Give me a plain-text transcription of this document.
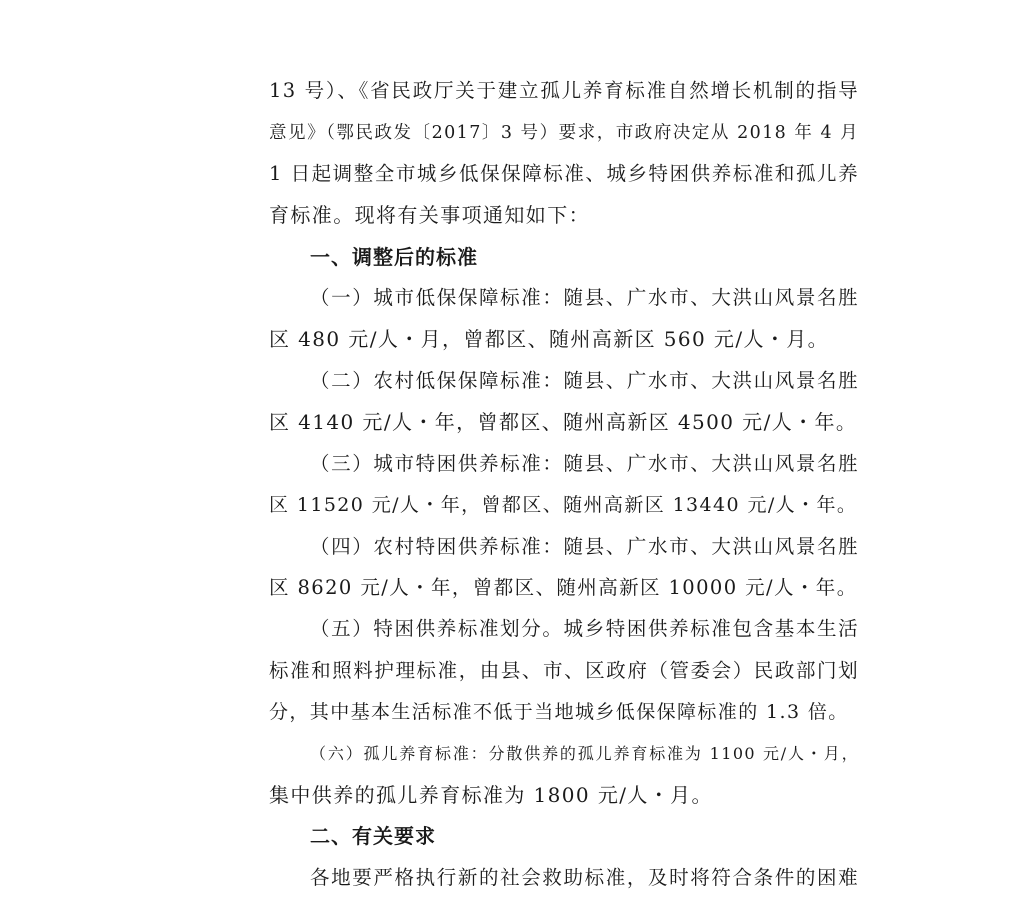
13 号）、《省民政厅关于建立孤儿养育标准自然增长机制的指导
意见》（鄂民政发〔2017〕3 号）要求，市政府决定从 2018 年 4 月
1 日起调整全市城乡低保保障标准、城乡特困供养标准和孤儿养
育标准。现将有关事项通知如下：
一、调整后的标准
（一）城市低保保障标准：随县、广水市、大洪山风景名胜
区 480 元/人・月，曾都区、随州高新区 560 元/人・月。
（二）农村低保保障标准：随县、广水市、大洪山风景名胜
区 4140 元/人・年，曾都区、随州高新区 4500 元/人・年。
（三）城市特困供养标准：随县、广水市、大洪山风景名胜
区 11520 元/人・年，曾都区、随州高新区 13440 元/人・年。
（四）农村特困供养标准：随县、广水市、大洪山风景名胜
区 8620 元/人・年，曾都区、随州高新区 10000 元/人・年。
（五）特困供养标准划分。城乡特困供养标准包含基本生活
标准和照料护理标准，由县、市、区政府（管委会）民政部门划
分，其中基本生活标准不低于当地城乡低保保障标准的 1.3 倍。
（六）孤儿养育标准：分散供养的孤儿养育标准为 1100 元/人・月，
集中供养的孤儿养育标准为 1800 元/人・月。
二、有关要求
各地要严格执行新的社会救助标准，及时将符合条件的困难
